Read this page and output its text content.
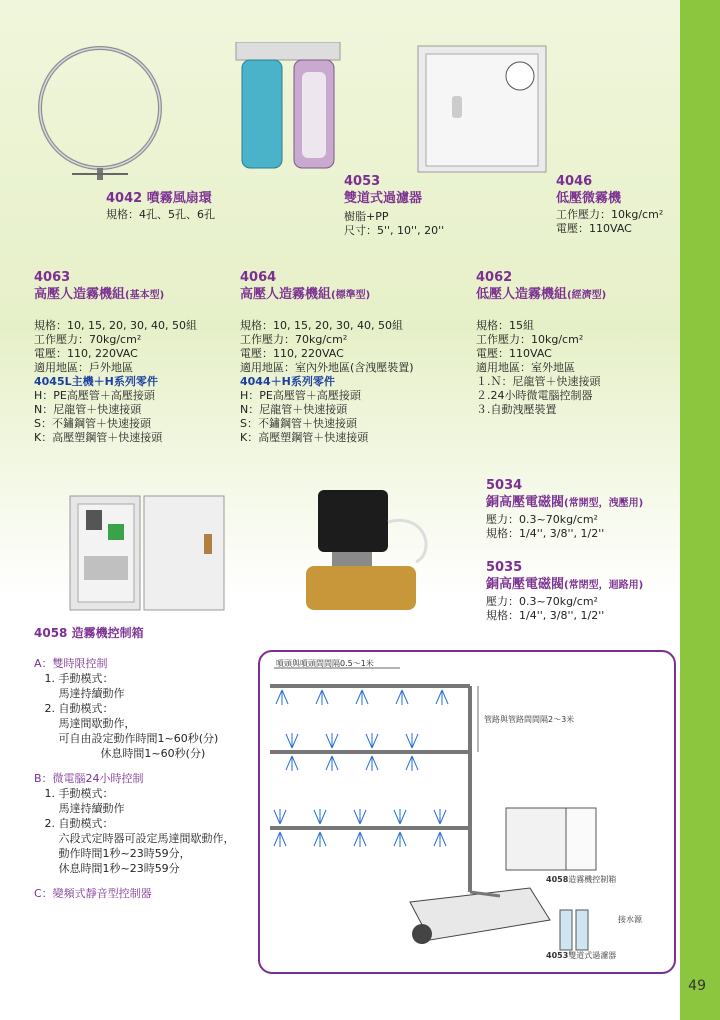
49
4042 噴霧風扇環
規格：4孔、5孔、6孔
4053
雙道式過濾器
樹脂+PP
尺寸：5'', 10'', 20''
4046
低壓微霧機
工作壓力：10kg/cm²
電壓：110VAC
4063
高壓人造霧機組(基本型)
規格：10, 15, 20, 30, 40, 50組
工作壓力：70kg/cm²
電壓：110, 220VAC
適用地區：戶外地區
4045L主機＋H系列零件
H：PE高壓管＋高壓接頭
N：尼龍管＋快速接頭
S：不鏽鋼管＋快速接頭
K：高壓塑鋼管＋快速接頭
4064
高壓人造霧機組(標準型)
規格：10, 15, 20, 30, 40, 50組
工作壓力：70kg/cm²
電壓：110, 220VAC
適用地區：室內外地區(含洩壓裝置)
4044＋H系列零件
H：PE高壓管＋高壓接頭
N：尼龍管＋快速接頭
S：不鏽鋼管＋快速接頭
K：高壓塑鋼管＋快速接頭
4062
低壓人造霧機組(經濟型)
規格：15組
工作壓力：10kg/cm²
電壓：110VAC
適用地區：室外地區
１.Ｎ：尼龍管＋快速接頭
２.24小時微電腦控制器
３.自動洩壓裝置
5034
銅高壓電磁閥(常開型，洩壓用)
壓力：0.3~70kg/cm²
規格：1/4'', 3/8'', 1/2''
5035
銅高壓電磁閥(常閉型，迴路用)
壓力：0.3~70kg/cm²
規格：1/4'', 3/8'', 1/2''
4058 造霧機控制箱
A：雙時限控制
1. 手動模式：
馬達持續動作
2. 自動模式：
馬達間歇動作，
可自由設定動作時間1~60秒(分)
休息時間1~60秒(分)
B：微電腦24小時控制
1. 手動模式：
馬達持續動作
2. 自動模式：
六段式定時器可設定馬達間歇動作，
動作時間1秒~23時59分，
休息時間1秒~23時59分
C：變頻式靜音型控制器
噴頭與噴頭間間隔0.5～1米
管路與管路間間隔2～3米
4058造霧機控制箱
接水源
4053雙道式過濾器
